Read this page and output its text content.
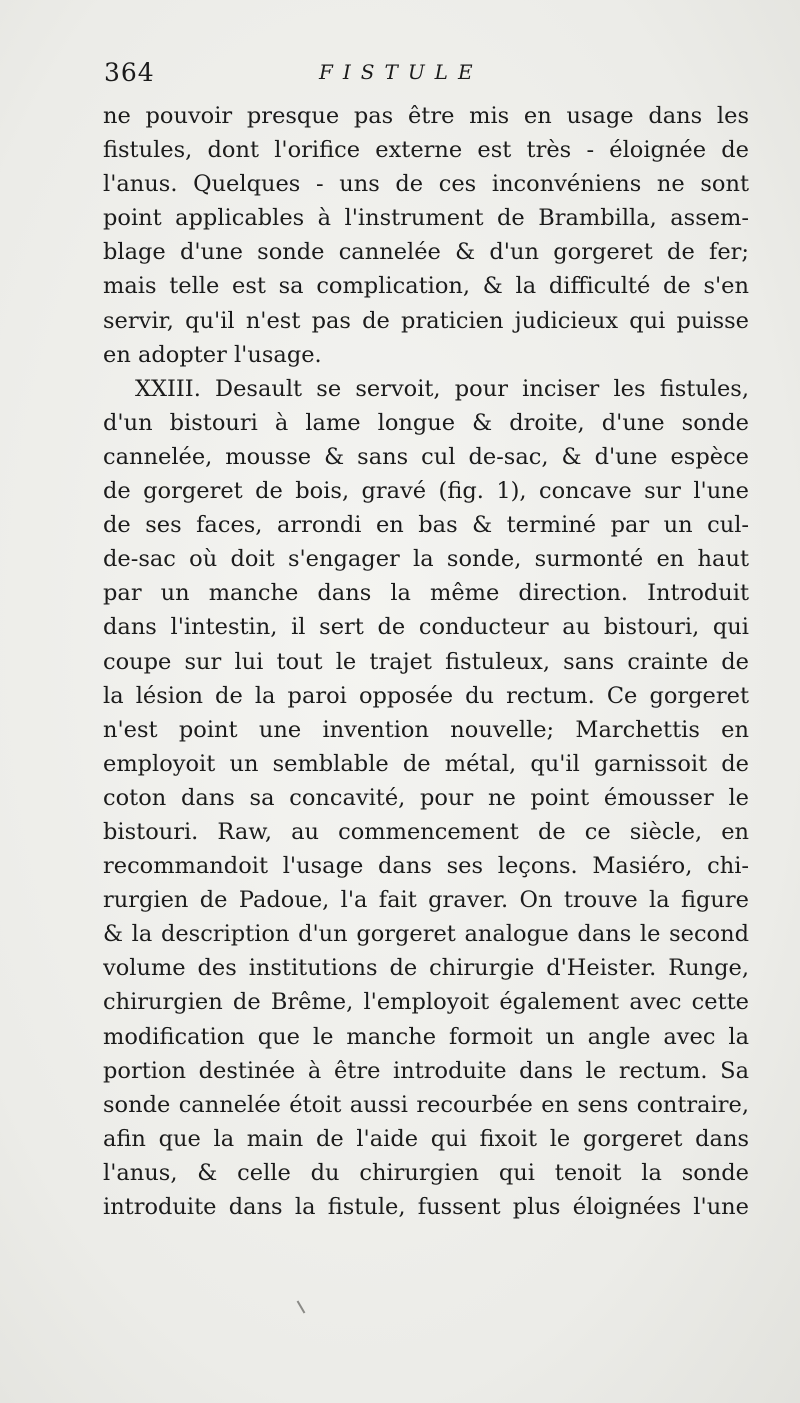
364	FISTULE
ne pouvoir presque pas être mis en usage dans les
fistules, dont l'orifice externe est très - éloignée de
l'anus. Quelques - uns de ces inconvéniens ne sont
point applicables à l'instrument de Brambilla, assem-
blage d'une sonde cannelée & d'un gorgeret de fer;
mais telle est sa complication, & la difficulté de s'en
servir, qu'il n'est pas de praticien judicieux qui puisse
en adopter l'usage.
XXIII. Desault se servoit, pour inciser les fistules,
d'un bistouri à lame longue & droite, d'une sonde
cannelée, mousse & sans cul de-sac, & d'une espèce
de gorgeret de bois, gravé (fig. 1), concave sur l'une
de ses faces, arrondi en bas & terminé par un cul-
de-sac où doit s'engager la sonde, surmonté en haut
par un manche dans la même direction. Introduit
dans l'intestin, il sert de conducteur au bistouri, qui
coupe sur lui tout le trajet fistuleux, sans crainte de
la lésion de la paroi opposée du rectum. Ce gorgeret
n'est point une invention nouvelle; Marchettis en
employoit un semblable de métal, qu'il garnissoit de
coton dans sa concavité, pour ne point émousser le
bistouri. Raw, au commencement de ce siècle, en
recommandoit l'usage dans ses leçons. Masiéro, chi-
rurgien de Padoue, l'a fait graver. On trouve la figure
& la description d'un gorgeret analogue dans le second
volume des institutions de chirurgie d'Heister. Runge,
chirurgien de Brême, l'employoit également avec cette
modification que le manche formoit un angle avec la
portion destinée à être introduite dans le rectum. Sa
sonde cannelée étoit aussi recourbée en sens contraire,
afin que la main de l'aide qui fixoit le gorgeret dans
l'anus, & celle du chirurgien qui tenoit la sonde
introduite dans la fistule, fussent plus éloignées l'une
